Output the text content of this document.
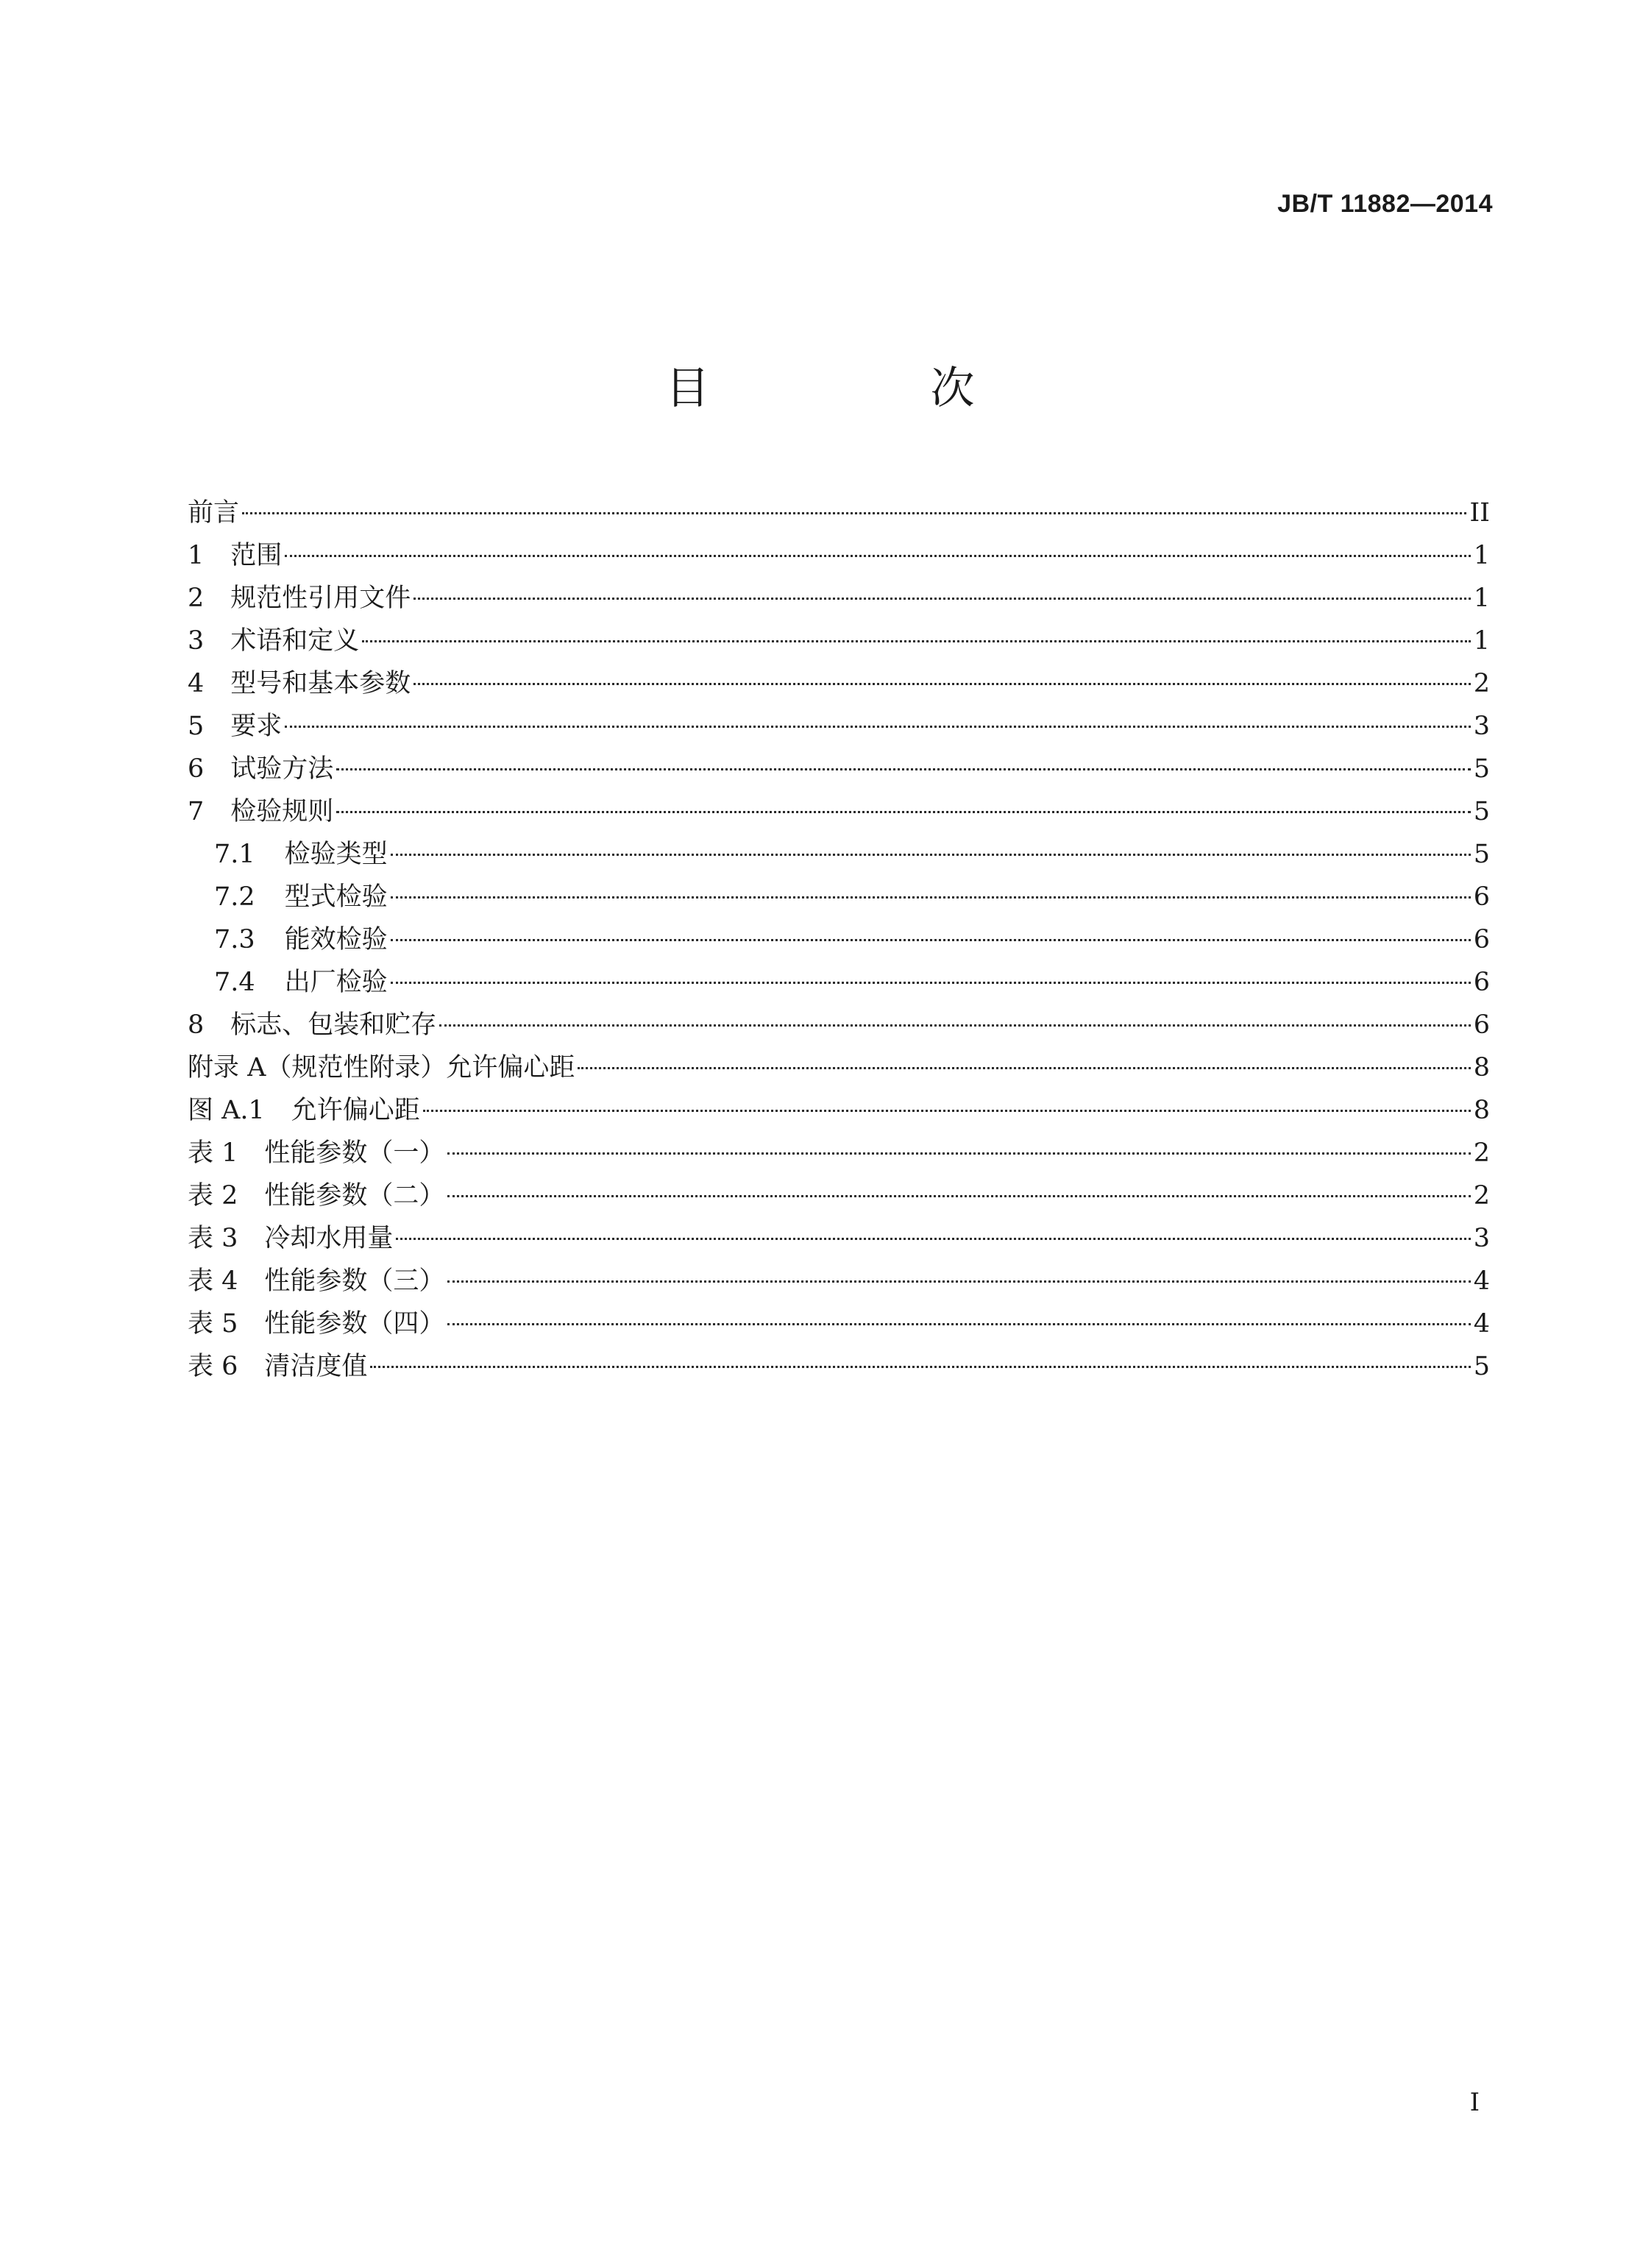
JB/T 11882—2014
目　次
前言	II
1 范围	1
2 规范性引用文件	1
3 术语和定义	1
4 型号和基本参数	2
5 要求	3
6 试验方法	5
7 检验规则	5
7.1 检验类型	5
7.2 型式检验	6
7.3 能效检验	6
7.4 出厂检验	6
8 标志、包装和贮存	6
附录 A（规范性附录）允许偏心距	8
图 A.1 允许偏心距	8
表 1 性能参数（一）	2
表 2 性能参数（二）	2
表 3 冷却水用量	3
表 4 性能参数（三）	4
表 5 性能参数（四）	4
表 6 清洁度值	5
I
